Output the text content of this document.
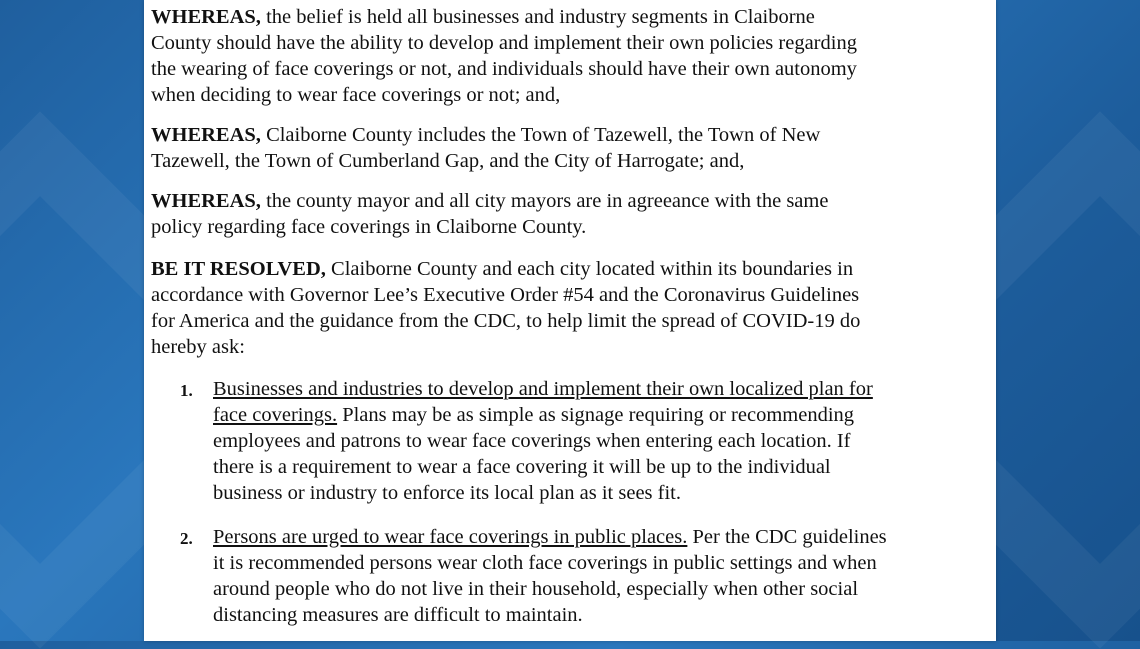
WHEREAS, the belief is held all businesses and industry segments in Claiborne
County should have the ability to develop and implement their own policies regarding
the wearing of face coverings or not, and individuals should have their own autonomy
when deciding to wear face coverings or not; and,
WHEREAS, Claiborne County includes the Town of Tazewell, the Town of New
Tazewell, the Town of Cumberland Gap, and the City of Harrogate; and,
WHEREAS, the county mayor and all city mayors are in agreeance with the same
policy regarding face coverings in Claiborne County.
BE IT RESOLVED, Claiborne County and each city located within its boundaries in
accordance with Governor Lee’s Executive Order #54 and the Coronavirus Guidelines
for America and the guidance from the CDC, to help limit the spread of COVID-19 do
hereby ask:
1. Businesses and industries to develop and implement their own localized plan for
face coverings. Plans may be as simple as signage requiring or recommending
employees and patrons to wear face coverings when entering each location. If
there is a requirement to wear a face covering it will be up to the individual
business or industry to enforce its local plan as it sees fit.
2. Persons are urged to wear face coverings in public places. Per the CDC guidelines
it is recommended persons wear cloth face coverings in public settings and when
around people who do not live in their household, especially when other social
distancing measures are difficult to maintain.
